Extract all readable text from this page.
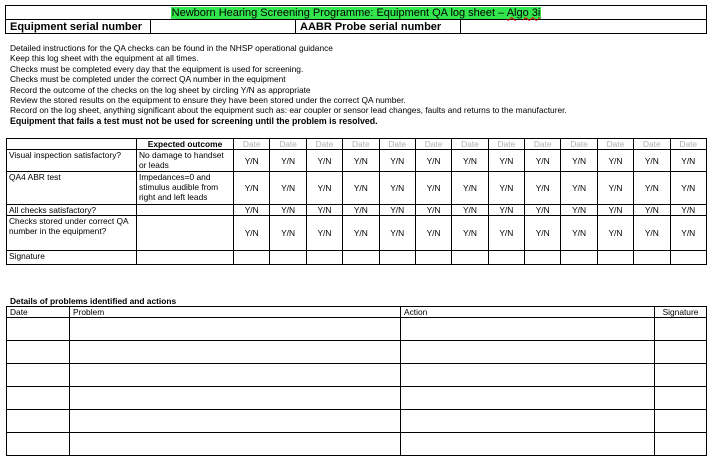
Newborn Hearing Screening Programme: Equipment QA log sheet – Algo 3i
Equipment serial number		AABR Probe serial number	
Detailed instructions for the QA checks can be found in the NHSP operational guidance
Keep this log sheet with the equipment at all times.
Checks must be completed every day that the equipment is used for screening.
Checks must be completed under the correct QA number in the equipment
Record the outcome of the checks on the log sheet by circling Y/N as appropriate
Review the stored results on the equipment to ensure they have been stored under the correct QA number.
Record on the log sheet, anything significant about the equipment such as: ear coupler or sensor lead changes, faults and returns to the manufacturer.
Equipment that fails a test must not be used for screening until the problem is resolved.
	Expected outcome	Date	Date	Date	Date	Date	Date	Date	Date	Date	Date	Date	Date	Date
Visual inspection satisfactory?	No damage to handset or leads	Y/N	Y/N	Y/N	Y/N	Y/N	Y/N	Y/N	Y/N	Y/N	Y/N	Y/N	Y/N	Y/N
QA4 ABR test	Impedances=0 and stimulus audible from right and left leads	Y/N	Y/N	Y/N	Y/N	Y/N	Y/N	Y/N	Y/N	Y/N	Y/N	Y/N	Y/N	Y/N
All checks satisfactory?		Y/N	Y/N	Y/N	Y/N	Y/N	Y/N	Y/N	Y/N	Y/N	Y/N	Y/N	Y/N	Y/N
Checks stored under correct QA number in the equipment?		Y/N	Y/N	Y/N	Y/N	Y/N	Y/N	Y/N	Y/N	Y/N	Y/N	Y/N	Y/N	Y/N
Signature														
Details of problems identified and actions
Date	Problem	Action	Signature
